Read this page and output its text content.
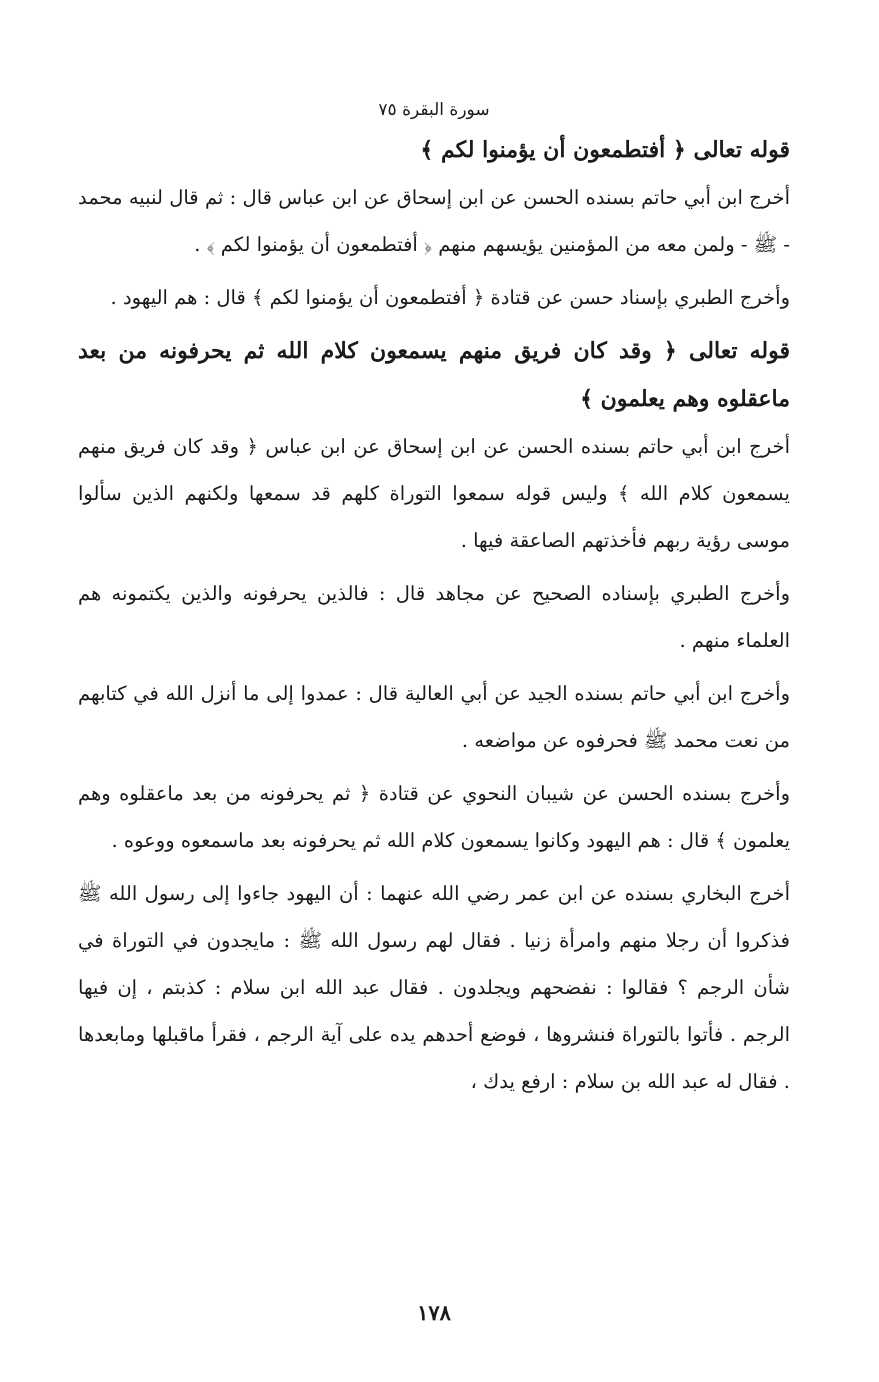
سورة البقرة ٧٥
قوله تعالى ﴿ أفتطمعون أن يؤمنوا لكم ﴾

أخرج ابن أبي حاتم بسنده الحسن عن ابن إسحاق عن ابن عباس قال : ثم قال لنبيه محمد - ﷺ - ولمن معه من المؤمنين يؤيسهم منهم ﴿ أفتطمعون أن يؤمنوا لكم ﴾ .

وأخرج الطبري بإسناد حسن عن قتادة ﴿ أفتطمعون أن يؤمنوا لكم ﴾ قال : هم اليهود .

قوله تعالى ﴿ وقد كان فريق منهم يسمعون كلام الله ثم يحرفونه من بعد ماعقلوه وهم يعلمون ﴾

أخرج ابن أبي حاتم بسنده الحسن عن ابن إسحاق عن ابن عباس ﴿ وقد كان فريق منهم يسمعون كلام الله ﴾ وليس قوله سمعوا التوراة كلهم قد سمعها ولكنهم الذين سألوا موسى رؤية ربهم فأخذتهم الصاعقة فيها .

وأخرج الطبري بإسناده الصحيح عن مجاهد قال : فالذين يحرفونه والذين يكتمونه هم العلماء منهم .

وأخرج ابن أبي حاتم بسنده الجيد عن أبي العالية قال : عمدوا إلى ما أنزل الله في كتابهم من نعت محمد ﷺ فحرفوه عن مواضعه .

وأخرج بسنده الحسن عن شيبان النحوي عن قتادة ﴿ ثم يحرفونه من بعد ماعقلوه وهم يعلمون ﴾ قال : هم اليهود وكانوا يسمعون كلام الله ثم يحرفونه بعد ماسمعوه ووعوه .

أخرج البخاري بسنده عن ابن عمر رضي الله عنهما : أن اليهود جاءوا إلى رسول الله ﷺ فذكروا أن رجلا منهم وامرأة زنيا . فقال لهم رسول الله ﷺ : مايجدون في التوراة في شأن الرجم ؟ فقالوا : نفضحهم ويجلدون . فقال عبد الله ابن سلام : كذبتم ، إن فيها الرجم . فأتوا بالتوراة فنشروها ، فوضع أحدهم يده على آية الرجم ، فقرأ ماقبلها ومابعدها . فقال له عبد الله بن سلام : ارفع يدك ،

١٧٨
